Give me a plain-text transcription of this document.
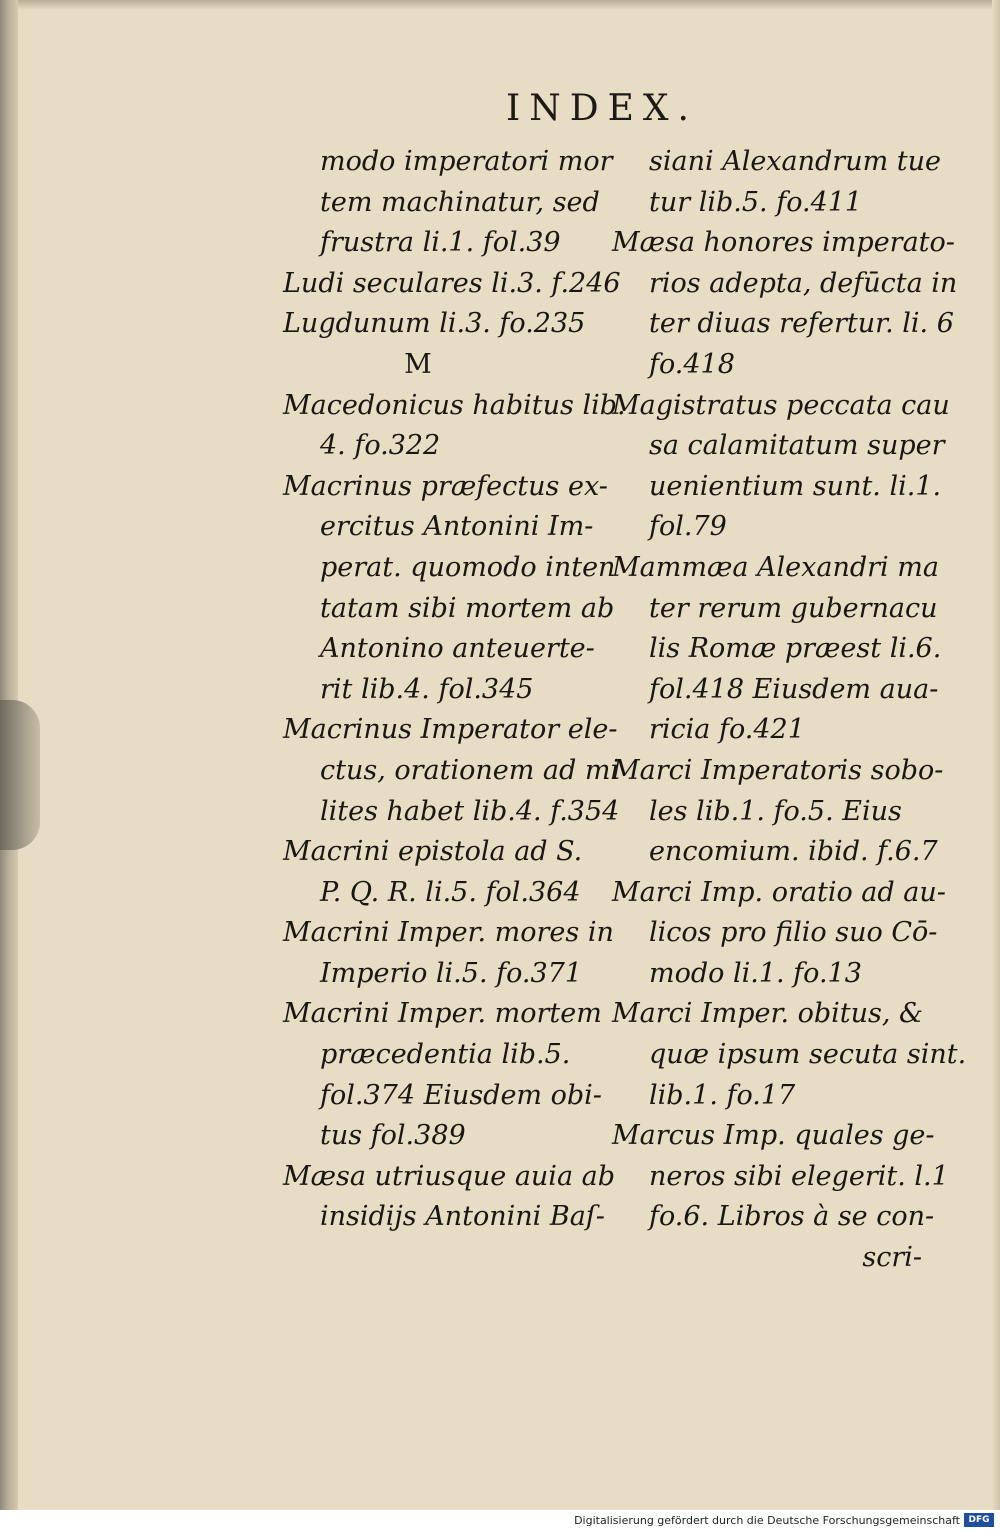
INDEX.
modo imperatori mor
tem machinatur, sed
frustra li.1. fol.39
Ludi seculares li.3. f.246
Lugdunum li.3. fo.235
M
Macedonicus habitus lib.
4. fo.322
Macrinus præfectus ex-
ercitus Antonini Im-
perat. quomodo inten
tatam sibi mortem ab
Antonino anteuerte-
rit lib.4. fol.345
Macrinus Imperator ele-
ctus, orationem ad mi
lites habet lib.4. f.354
Macrini epistola ad S.
P. Q. R. li.5. fol.364
Macrini Imper. mores in
Imperio li.5. fo.371
Macrini Imper. mortem
præcedentia lib.5.
fol.374 Eiusdem obi-
tus fol.389
Mæsa utriusque auia ab
insidijs Antonini Baſ-
siani Alexandrum tue
tur lib.5. fo.411
Mæsa honores imperato-
rios adepta, defūcta in
ter diuas refertur. li. 6
fo.418
Magistratus peccata cau
sa calamitatum super
uenientium sunt. li.1.
fol.79
Mammæa Alexandri ma
ter rerum gubernacu
lis Romæ præest li.6.
fol.418 Eiusdem aua-
ricia fo.421
Marci Imperatoris sobo-
les lib.1. fo.5. Eius
encomium. ibid. f.6.7
Marci Imp. oratio ad au-
licos pro filio suo Cō-
modo li.1. fo.13
Marci Imper. obitus, &
quæ ipsum secuta sint.
lib.1. fo.17
Marcus Imp. quales ge-
neros sibi elegerit. l.1
fo.6. Libros à se con-
scri-
Digitalisierung gefördert durch die Deutsche Forschungsgemeinschaft DFG
